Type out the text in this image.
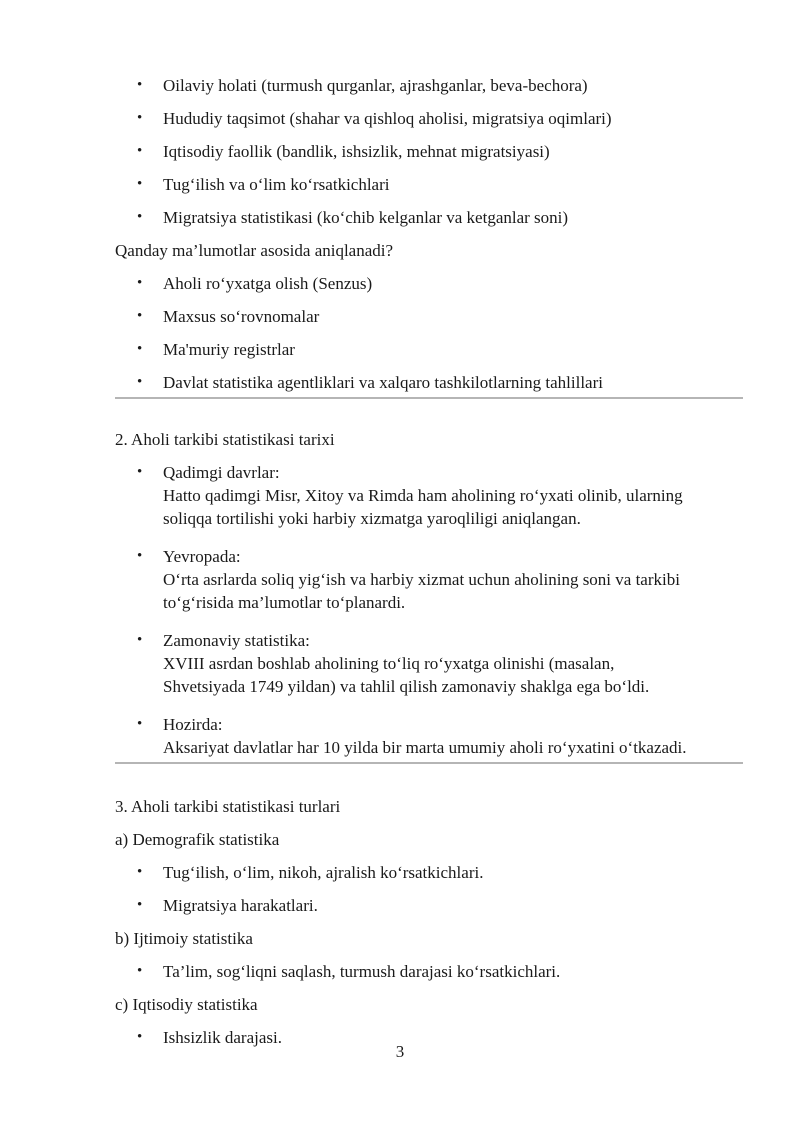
• Oilaviy holati (turmush qurganlar, ajrashganlar, beva-bechora)
• Hududiy taqsimot (shahar va qishloq aholisi, migratsiya oqimlari)
• Iqtisodiy faollik (bandlik, ishsizlik, mehnat migratsiyasi)
• Tug‘ilish va o‘lim ko‘rsatkichlari
• Migratsiya statistikasi (ko‘chib kelganlar va ketganlar soni)
Qanday ma’lumotlar asosida aniqlanadi?
• Aholi ro‘yxatga olish (Senzus)
• Maxsus so‘rovnomalar
• Ma'muriy registrlar
• Davlat statistika agentliklari va xalqaro tashkilotlarning tahlillari
2. Aholi tarkibi statistikasi tarixi
• Qadimgi davrlar:
Hatto qadimgi Misr, Xitoy va Rimda ham aholining ro‘yxati olinib, ularning
soliqqa tortilishi yoki harbiy xizmatga yaroqliligi aniqlangan.
• Yevropada:
O‘rta asrlarda soliq yig‘ish va harbiy xizmat uchun aholining soni va tarkibi
to‘g‘risida ma’lumotlar to‘planardi.
• Zamonaviy statistika:
XVIII asrdan boshlab aholining to‘liq ro‘yxatga olinishi (masalan,
Shvetsiyada 1749 yildan) va tahlil qilish zamonaviy shaklga ega bo‘ldi.
• Hozirda:
Aksariyat davlatlar har 10 yilda bir marta umumiy aholi ro‘yxatini o‘tkazadi.
3. Aholi tarkibi statistikasi turlari
a) Demografik statistika
• Tug‘ilish, o‘lim, nikoh, ajralish ko‘rsatkichlari.
• Migratsiya harakatlari.
b) Ijtimoiy statistika
• Ta’lim, sog‘liqni saqlash, turmush darajasi ko‘rsatkichlari.
c) Iqtisodiy statistika
• Ishsizlik darajasi.
3
